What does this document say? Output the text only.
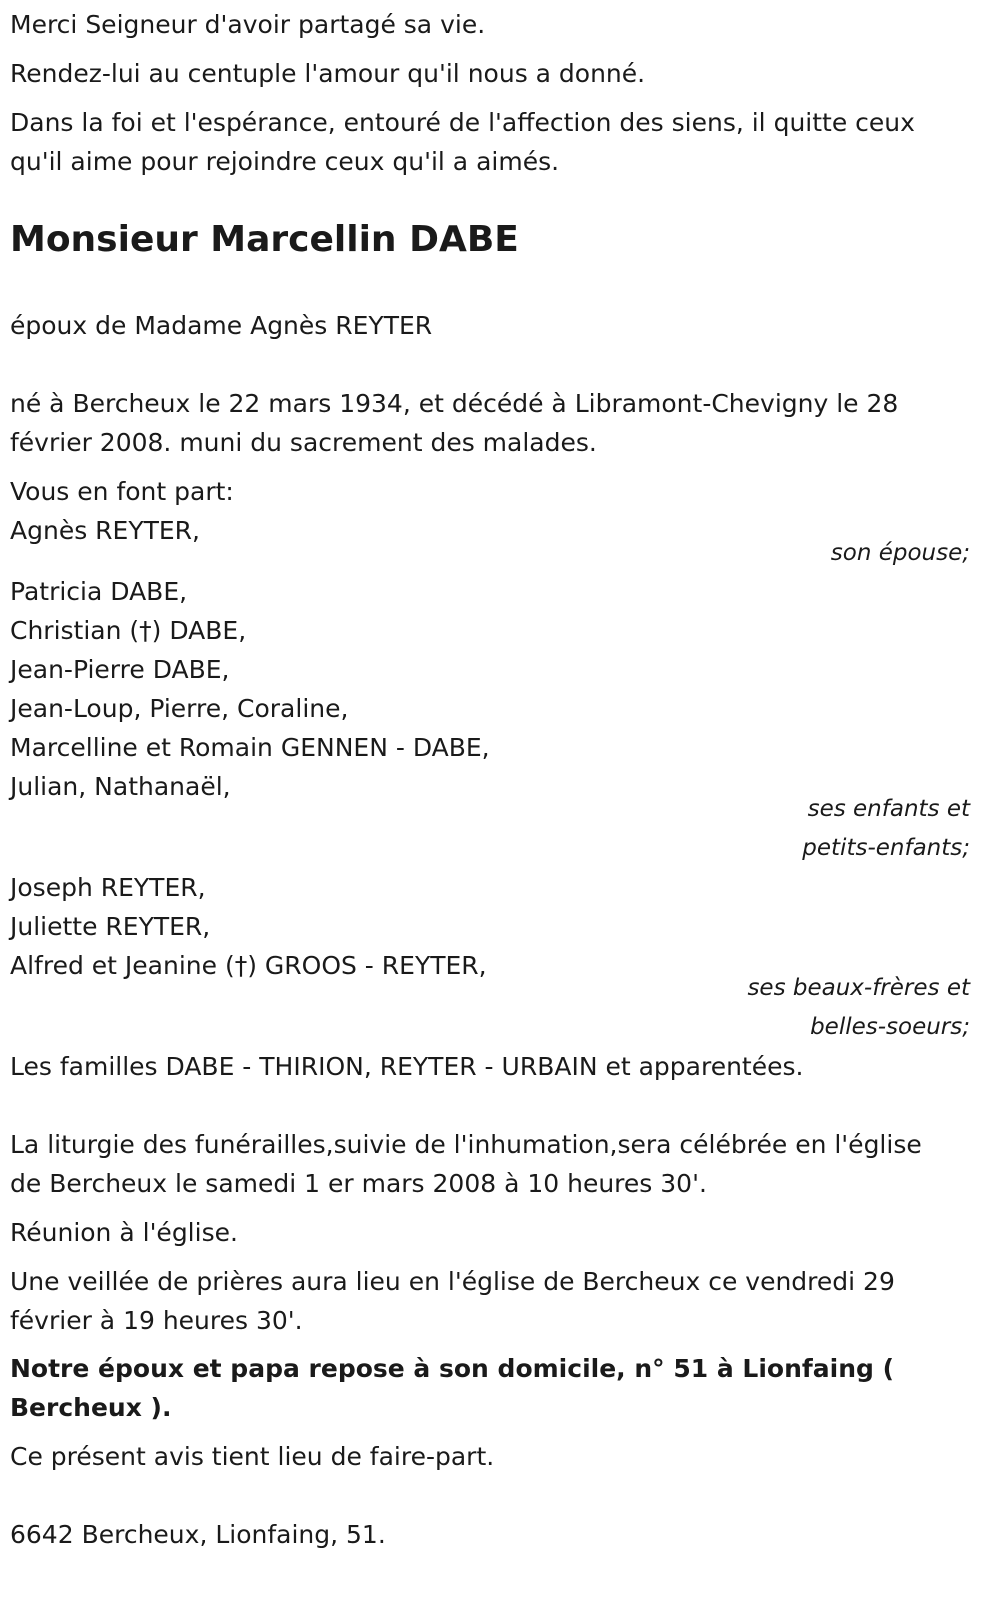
Merci Seigneur d'avoir partagé sa vie.
Rendez-lui au centuple l'amour qu'il nous a donné.
Dans la foi et l'espérance, entouré de l'affection des siens, il quitte ceux
qu'il aime pour rejoindre ceux qu'il a aimés.
Monsieur Marcellin DABE
époux de Madame Agnès REYTER
né à Bercheux le 22 mars 1934, et décédé à Libramont-Chevigny le 28
février 2008. muni du sacrement des malades.
Vous en font part:
Agnès REYTER,
son épouse;
Patricia DABE,
Christian (†) DABE,
Jean-Pierre DABE,
Jean-Loup, Pierre, Coraline,
Marcelline et Romain GENNEN - DABE,
Julian, Nathanaël,
ses enfants et
petits-enfants;
Joseph REYTER,
Juliette REYTER,
Alfred et Jeanine (†) GROOS - REYTER,
ses beaux-frères et
belles-soeurs;
Les familles DABE - THIRION, REYTER - URBAIN et apparentées.
La liturgie des funérailles,suivie de l'inhumation,sera célébrée en l'église
de Bercheux le samedi 1 er mars 2008 à 10 heures 30'.
Réunion à l'église.
Une veillée de prières aura lieu en l'église de Bercheux ce vendredi 29
février à 19 heures 30'.
Notre époux et papa repose à son domicile, n° 51 à Lionfaing (
Bercheux ).
Ce présent avis tient lieu de faire-part.
6642 Bercheux, Lionfaing, 51.
